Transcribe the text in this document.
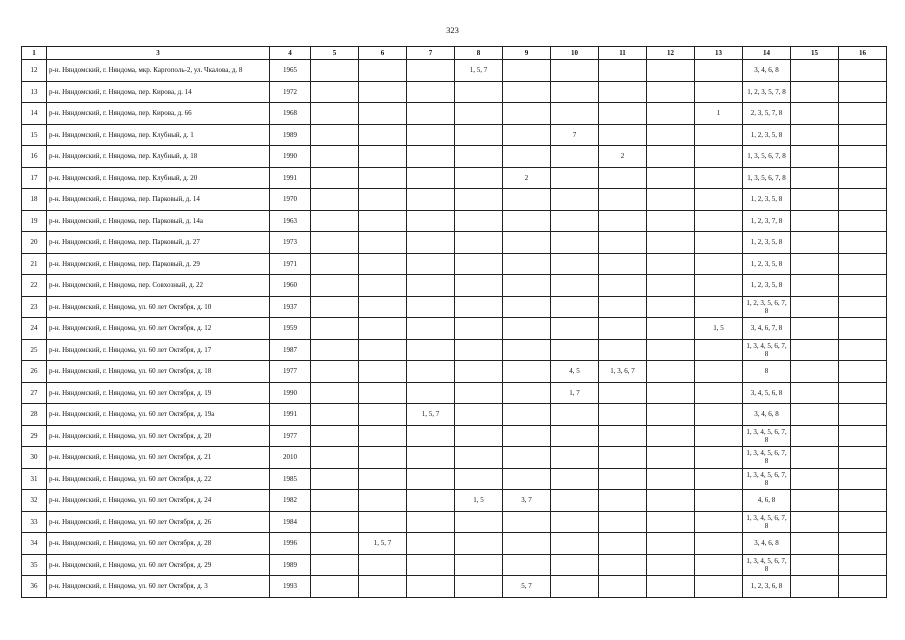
323
1	3	4	5	6	7	8	9	10	11	12	13	14	15	16
12	р-н. Няндомский, г. Няндома, мкр. Каргополь-2, ул. Чкалова, д. 8	1965				1, 5, 7						3, 4, 6, 8		
13	р-н. Няндомский, г. Няндома, пер. Кирова, д. 14	1972										1, 2, 3, 5, 7, 8		
14	р-н. Няндомский, г. Няндома, пер. Кирова, д. 66	1968									1	2, 3, 5, 7, 8		
15	р-н. Няндомский, г. Няндома, пер. Клубный, д. 1	1989						7				1, 2, 3, 5, 8		
16	р-н. Няндомский, г. Няндома, пер. Клубный, д. 18	1990							2			1, 3, 5, 6, 7, 8		
17	р-н. Няндомский, г. Няндома, пер. Клубный, д. 20	1991					2					1, 3, 5, 6, 7, 8		
18	р-н. Няндомский, г. Няндома, пер. Парковый, д. 14	1970										1, 2, 3, 5, 8		
19	р-н. Няндомский, г. Няндома, пер. Парковый, д. 14а	1963										1, 2, 3, 7, 8		
20	р-н. Няндомский, г. Няндома, пер. Парковый, д. 27	1973										1, 2, 3, 5, 8		
21	р-н. Няндомский, г. Няндома, пер. Парковый, д. 29	1971										1, 2, 3, 5, 8		
22	р-н. Няндомский, г. Няндома, пер. Совхозный, д. 22	1960										1, 2, 3, 5, 8		
23	р-н. Няндомский, г. Няндома, ул. 60 лет Октября, д. 10	1937										1, 2, 3, 5, 6, 7, 8		
24	р-н. Няндомский, г. Няндома, ул. 60 лет Октября, д. 12	1959									1, 5	3, 4, 6, 7, 8		
25	р-н. Няндомский, г. Няндома, ул. 60 лет Октября, д. 17	1987										1, 3, 4, 5, 6, 7, 8		
26	р-н. Няндомский, г. Няндома, ул. 60 лет Октября, д. 18	1977						4, 5	1, 3, 6, 7			8		
27	р-н. Няндомский, г. Няндома, ул. 60 лет Октября, д. 19	1990						1, 7				3, 4, 5, 6, 8		
28	р-н. Няндомский, г. Няндома, ул. 60 лет Октября, д. 19а	1991			1, 5, 7							3, 4, 6, 8		
29	р-н. Няндомский, г. Няндома, ул. 60 лет Октября, д. 20	1977										1, 3, 4, 5, 6, 7, 8		
30	р-н. Няндомский, г. Няндома, ул. 60 лет Октября, д. 21	2010										1, 3, 4, 5, 6, 7, 8		
31	р-н. Няндомский, г. Няндома, ул. 60 лет Октября, д. 22	1985										1, 3, 4, 5, 6, 7, 8		
32	р-н. Няндомский, г. Няндома, ул. 60 лет Октября, д. 24	1982				1, 5	3, 7					4, 6, 8		
33	р-н. Няндомский, г. Няндома, ул. 60 лет Октября, д. 26	1984										1, 3, 4, 5, 6, 7, 8		
34	р-н. Няндомский, г. Няндома, ул. 60 лет Октября, д. 28	1996		1, 5, 7								3, 4, 6, 8		
35	р-н. Няндомский, г. Няндома, ул. 60 лет Октября, д. 29	1989										1, 3, 4, 5, 6, 7, 8		
36	р-н. Няндомский, г. Няндома, ул. 60 лет Октября, д. 3	1993					5, 7					1, 2, 3, 6, 8		
